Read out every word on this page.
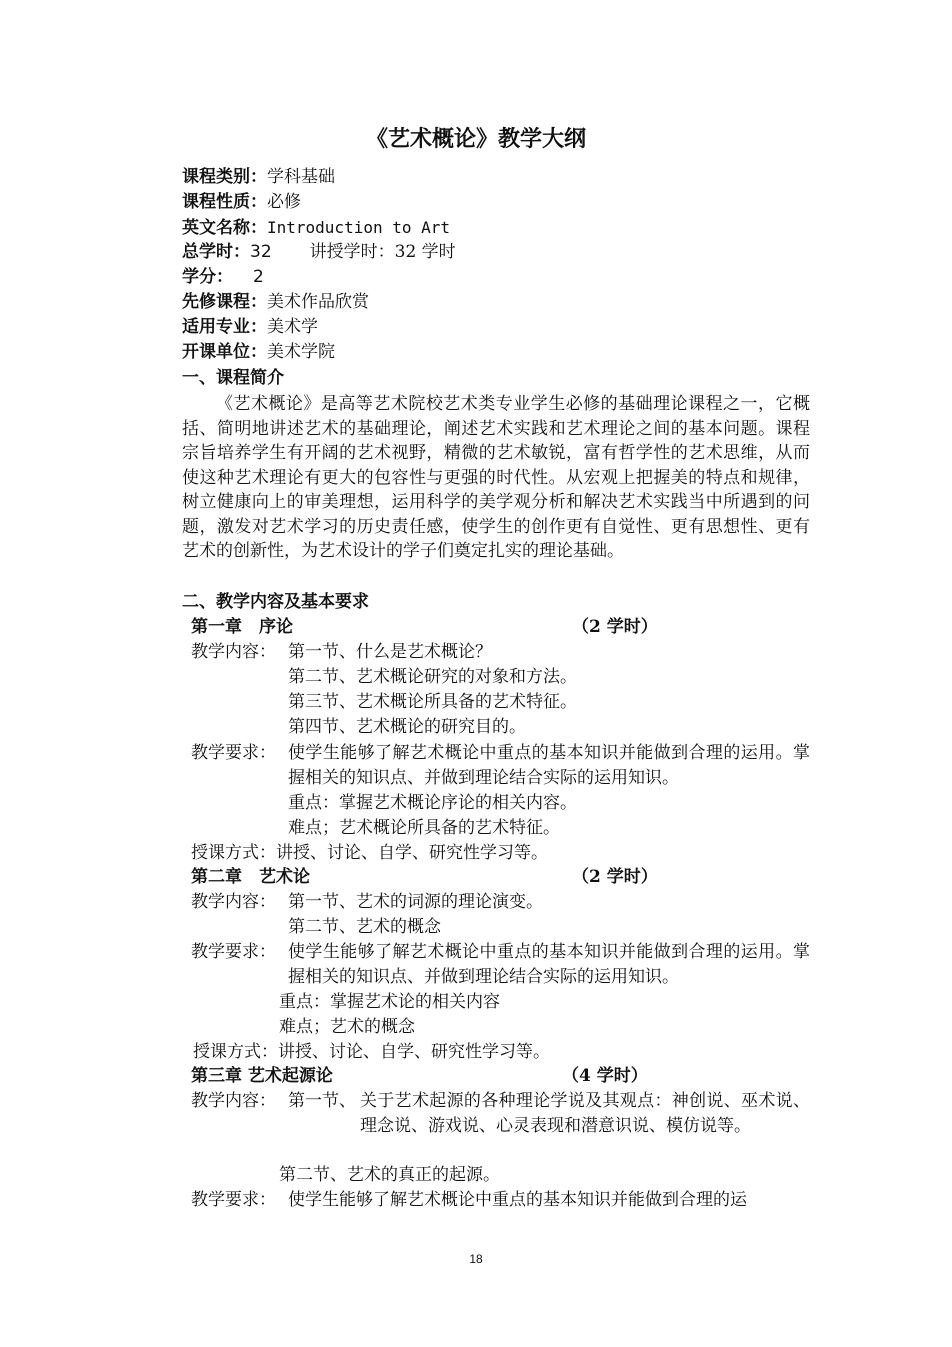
《艺术概论》教学大纲
课程类别：学科基础
课程性质：必修
英文名称：Introduction to Art
总学时：32 讲授学时：32 学时
学分： 2
先修课程：美术作品欣赏
适用专业：美术学
开课单位：美术学院
一、课程简介

《艺术概论》是高等艺术院校艺术类专业学生必修的基础理论课程之一，它概括、简明地讲述艺术的基础理论，阐述艺术实践和艺术理论之间的基本问题。课程宗旨培养学生有开阔的艺术视野，精微的艺术敏锐，富有哲学性的艺术思维，从而使这种艺术理论有更大的包容性与更强的时代性。从宏观上把握美的特点和规律，树立健康向上的审美理想，运用科学的美学观分析和解决艺术实践当中所遇到的问题，激发对艺术学习的历史责任感，使学生的创作更有自觉性、更有思想性、更有艺术的创新性，为艺术设计的学子们奠定扎实的理论基础。

二、教学内容及基本要求
第一章　序论	（2 学时）
教学内容： 第一节、什么是艺术概论？
第二节、艺术概论研究的对象和方法。
第三节、艺术概论所具备的艺术特征。
第四节、艺术概论的研究目的。
教学要求： 使学生能够了解艺术概论中重点的基本知识并能做到合理的运用。掌握相关的知识点、并做到理论结合实际的运用知识。

重点：掌握艺术概论序论的相关内容。
难点；艺术概论所具备的艺术特征。
授课方式：讲授、讨论、自学、研究性学习等。
第二章　艺术论	（2 学时）
教学内容： 第一节、艺术的词源的理论演变。
第二节、艺术的概念
教学要求： 使学生能够了解艺术概论中重点的基本知识并能做到合理的运用。掌握相关的知识点、并做到理论结合实际的运用知识。

重点：掌握艺术论的相关内容
难点；艺术的概念
授课方式：讲授、讨论、自学、研究性学习等。
第三章 艺术起源论	（4 学时）
教学内容： 第一节、 关于艺术起源的各种理论学说及其观点：神创说、巫术说、理念说、游戏说、心灵表现和潜意识说、模仿说等。

第二节、艺术的真正的起源。
教学要求： 使学生能够了解艺术概论中重点的基本知识并能做到合理的运
18
